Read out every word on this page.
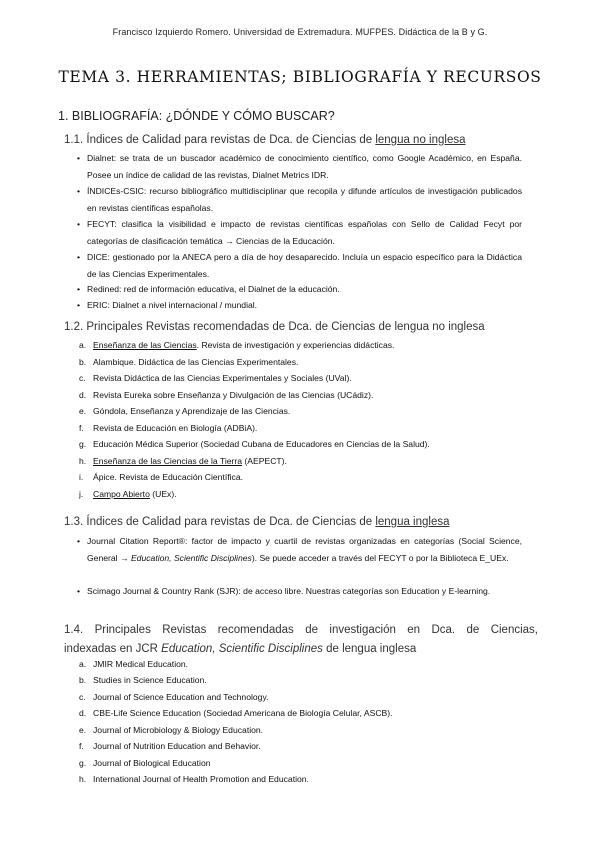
Francisco Izquierdo Romero. Universidad de Extremadura. MUFPES. Didáctica de la B y G.
TEMA 3. HERRAMIENTAS; BIBLIOGRAFÍA Y RECURSOS
1. BIBLIOGRAFÍA: ¿DÓNDE Y CÓMO BUSCAR?
1.1. Índices de Calidad para revistas de Dca. de Ciencias de lengua no inglesa
• Dialnet: se trata de un buscador académico de conocimiento científico, como Google Académico, en España. Posee un índice de calidad de las revistas, Dialnet Metrics IDR.
• ÍNDICEs-CSIC: recurso bibliográfico multidisciplinar que recopila y difunde artículos de investigación publicados en revistas científicas españolas.
• FECYT: clasifica la visibilidad e impacto de revistas científicas españolas con Sello de Calidad Fecyt por categorías de clasificación temática → Ciencias de la Educación.
• DICE: gestionado por la ANECA pero a día de hoy desaparecido. Incluía un espacio específico para la Didáctica de las Ciencias Experimentales.
• Redined: red de información educativa, el Dialnet de la educación.
• ERIC: Dialnet a nivel internacional / mundial.
1.2. Principales Revistas recomendadas de Dca. de Ciencias de lengua no inglesa
a. Enseñanza de las Ciencias. Revista de investigación y experiencias didácticas.
b. Alambique. Didáctica de las Ciencias Experimentales.
c. Revista Didáctica de las Ciencias Experimentales y Sociales (UVal).
d. Revista Eureka sobre Enseñanza y Divulgación de las Ciencias (UCádiz).
e. Góndola, Enseñanza y Aprendizaje de las Ciencias.
f. Revista de Educación en Biología (ADBiA).
g. Educación Médica Superior (Sociedad Cubana de Educadores en Ciencias de la Salud).
h. Enseñanza de las Ciencias de la Tierra (AEPECT).
i. Ápice. Revista de Educación Científica.
j. Campo Abierto (UEx).
1.3. Índices de Calidad para revistas de Dca. de Ciencias de lengua inglesa
• Journal Citation Report®: factor de impacto y cuartil de revistas organizadas en categorías (Social Science, General → Education, Scientific Disciplines). Se puede acceder a través del FECYT o por la Biblioteca E_UEx.
• Scimago Journal & Country Rank (SJR): de acceso libre. Nuestras categorías son Education y E-learning.
1.4. Principales Revistas recomendadas de investigación en Dca. de Ciencias,
indexadas en JCR Education, Scientific Disciplines de lengua inglesa
a. JMIR Medical Education.
b. Studies in Science Education.
c. Journal of Science Education and Technology.
d. CBE-Life Science Education (Sociedad Americana de Biología Celular, ASCB).
e. Journal of Microbiology & Biology Education.
f. Journal of Nutrition Education and Behavior.
g. Journal of Biological Education
h. International Journal of Health Promotion and Education.
